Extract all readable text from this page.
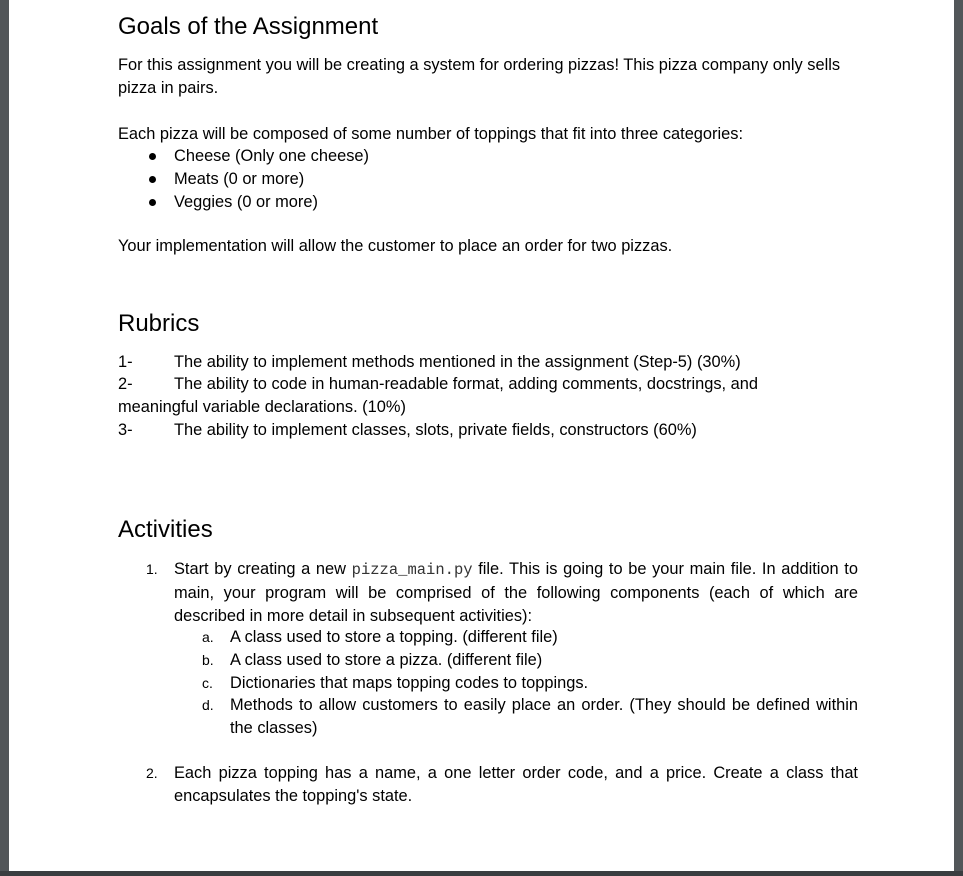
Goals of the Assignment

For this assignment you will be creating a system for ordering pizzas! This pizza company only sells pizza in pairs.

Each pizza will be composed of some number of toppings that fit into three categories:

Cheese (Only one cheese)
Meats (0 or more)
Veggies (0 or more)

Your implementation will allow the customer to place an order for two pizzas.

Rubrics

1-	The ability to implement methods mentioned in the assignment (Step-5) (30%)

2-	The ability to code in human-readable format, adding comments, docstrings, and

meaningful variable declarations. (10%)

3-	The ability to implement classes, slots, private fields, constructors (60%)

Activities
1. Start by creating a new pizza_main.py file. This is going to be your main file. In addition to main, your program will be comprised of the following components (each of which are described in more detail in subsequent activities):
a. A class used to store a topping. (different file)
b. A class used to store a pizza. (different file)
c. Dictionaries that maps topping codes to toppings.
d. Methods to allow customers to easily place an order. (They should be defined within the classes)
2. Each pizza topping has a name, a one letter order code, and a price. Create a class that encapsulates the topping's state.
